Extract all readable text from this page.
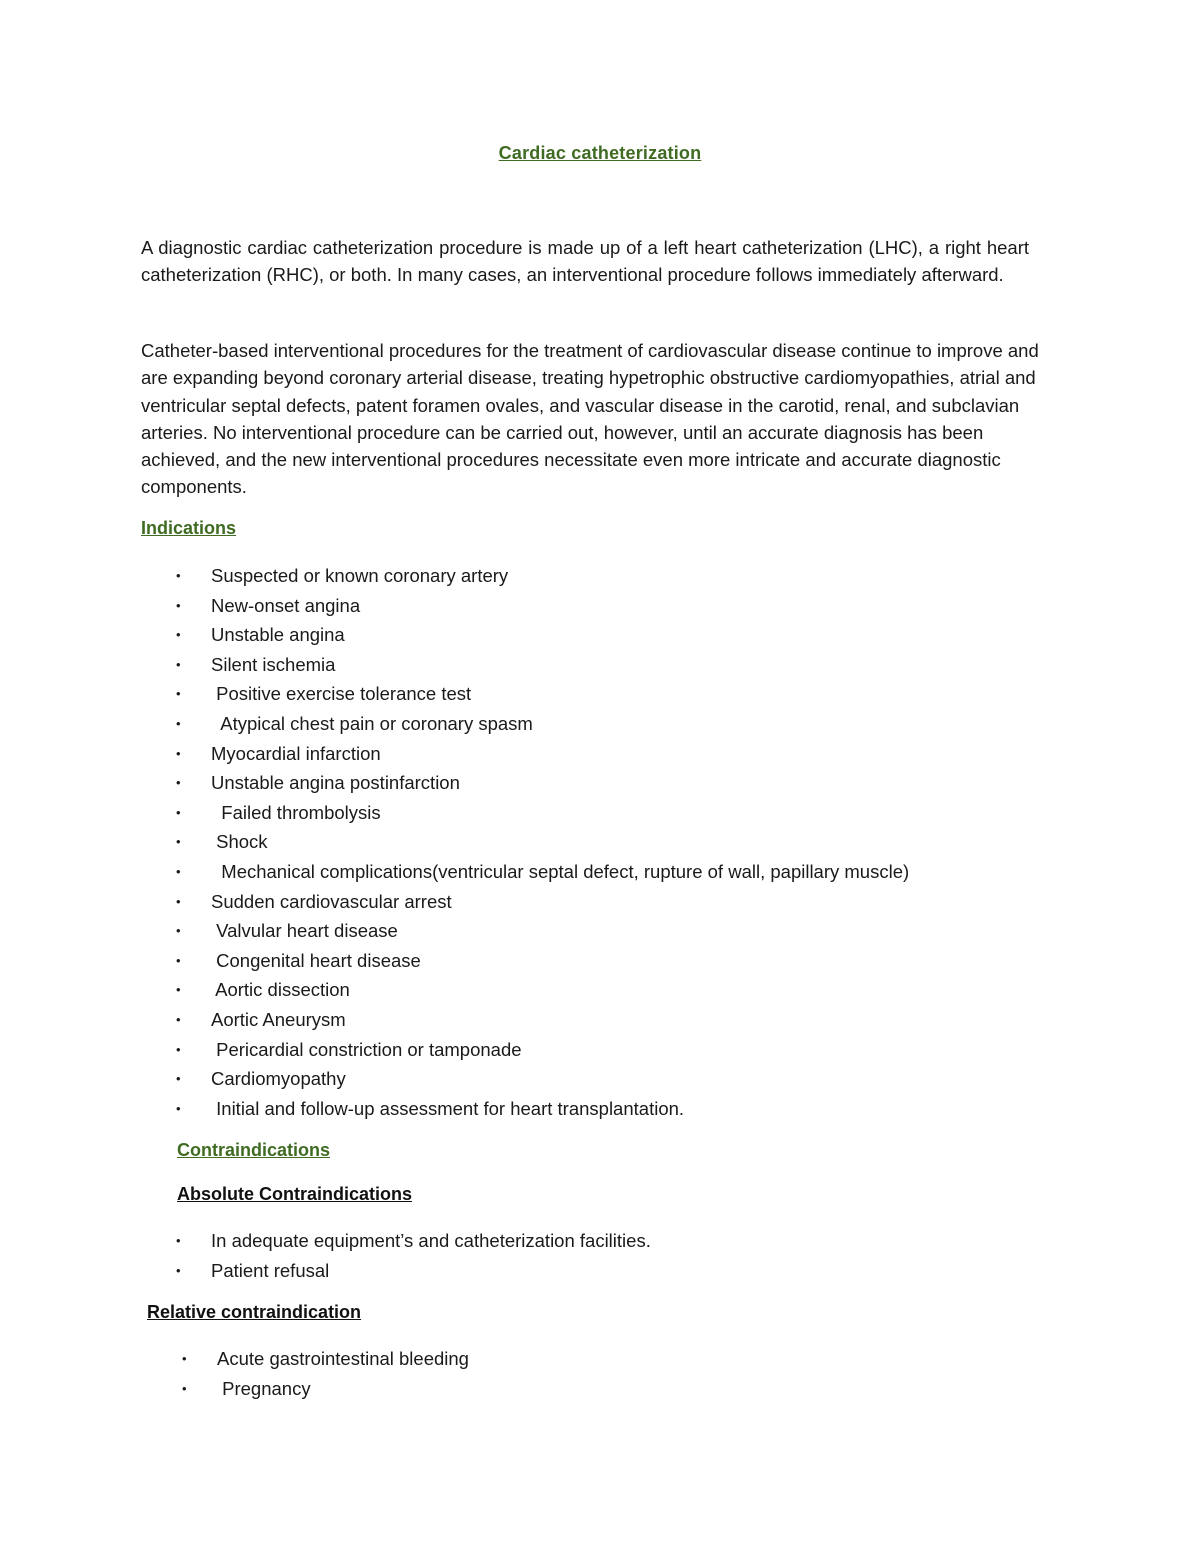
Cardiac catheterization

A diagnostic cardiac catheterization procedure is made up of a left heart catheterization (LHC), a right heart catheterization (RHC), or both. In many cases, an interventional procedure follows immediately afterward.

Catheter-based interventional procedures for the treatment of cardiovascular disease continue to improve and are expanding beyond coronary arterial disease, treating hypetrophic obstructive cardiomyopathies, atrial and ventricular septal defects, patent foramen ovales, and vascular disease in the carotid, renal, and subclavian arteries. No interventional procedure can be carried out, however, until an accurate diagnosis has been achieved, and the new interventional procedures necessitate even more intricate and accurate diagnostic components.

Indications
• Suspected or known coronary artery
• New-onset angina
• Unstable angina
• Silent ischemia
• Positive exercise tolerance test
• Atypical chest pain or coronary spasm
• Myocardial infarction
• Unstable angina postinfarction
• Failed thrombolysis
• Shock
• Mechanical complications(ventricular septal defect, rupture of wall, papillary muscle)
• Sudden cardiovascular arrest
• Valvular heart disease
• Congenital heart disease
• Aortic dissection
• Aortic Aneurysm
• Pericardial constriction or tamponade
• Cardiomyopathy
• Initial and follow-up assessment for heart transplantation.
Contraindications
Absolute Contraindications
• In adequate equipment’s and catheterization facilities.
• Patient refusal
Relative contraindication
• Acute gastrointestinal bleeding
• Pregnancy
